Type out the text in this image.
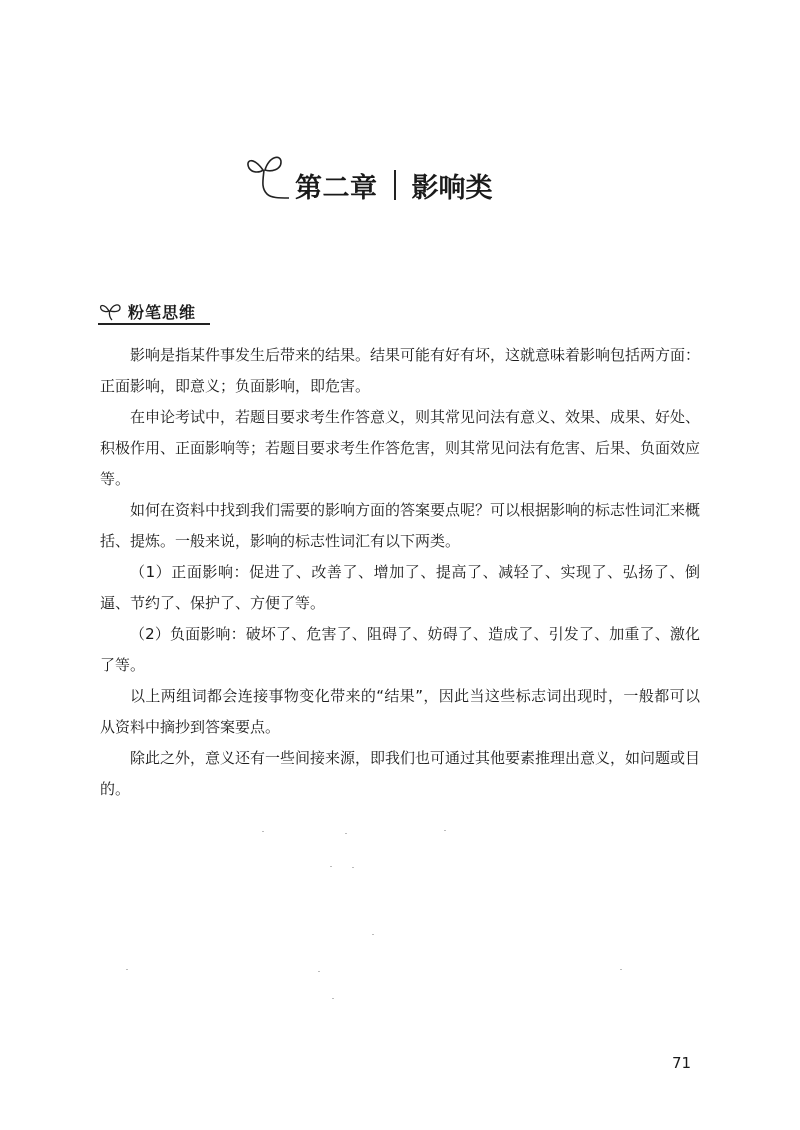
第二章 影响类
粉笔思维

影响是指某件事发生后带来的结果。结果可能有好有坏，这就意味着影响包括两方面：正面影响，即意义；负面影响，即危害。

在申论考试中，若题目要求考生作答意义，则其常见问法有意义、效果、成果、好处、积极作用、正面影响等；若题目要求考生作答危害，则其常见问法有危害、后果、负面效应等。

如何在资料中找到我们需要的影响方面的答案要点呢？可以根据影响的标志性词汇来概括、提炼。一般来说，影响的标志性词汇有以下两类。

（1）正面影响：促进了、改善了、增加了、提高了、减轻了、实现了、弘扬了、倒逼、节约了、保护了、方便了等。

（2）负面影响：破坏了、危害了、阻碍了、妨碍了、造成了、引发了、加重了、激化了等。

以上两组词都会连接事物变化带来的“结果”，因此当这些标志词出现时，一般都可以从资料中摘抄到答案要点。

除此之外，意义还有一些间接来源，即我们也可通过其他要素推理出意义，如问题或目的。

71
